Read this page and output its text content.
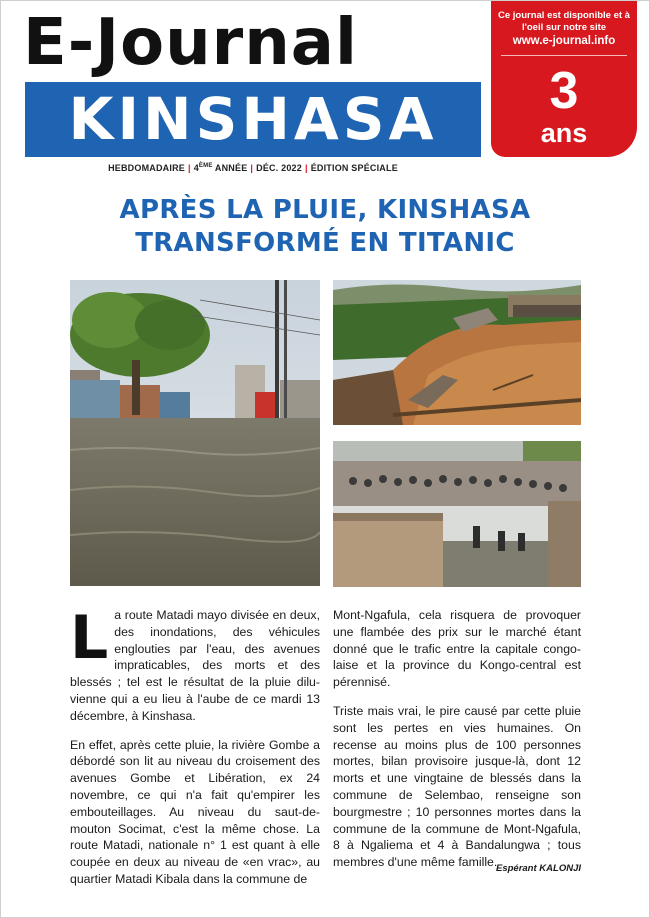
E-Journal
KINSHASA
Ce journal est disponible et à l'oeil sur notre site
www.e-journal.info
3
ans
HEBDOMADAIRE | 4ÈME ANNÉE | DÉC. 2022 | ÉDITION SPÉCIALE
APRÈS LA PLUIE, KINSHASA
TRANSFORMÉ EN TITANIC

La route Matadi mayo divisée en deux, des inondations, des véhicules englouties par l'eau, des avenues impraticables, des morts et des blessés ; tel est le résultat de la pluie dilu-vienne qui a eu lieu à l'aube de ce mardi 13 décembre, à Kinshasa.

En effet, après cette pluie, la rivière Gombe a débordé son lit au niveau du croisement des avenues Gombe et Libération, ex 24 novembre, ce qui n'a fait qu'empirer les embouteillages. Au niveau du saut-de-mouton Socimat, c'est la même chose. La route Matadi, nationale n° 1 est quant à elle coupée en deux au niveau de «en vrac», au quartier Matadi Kibala dans la commune de

Mont-Ngafula, cela risquera de provoquer une flambée des prix sur le marché étant donné que le trafic entre la capitale congo-laise et la province du Kongo-central est pérennisé.

Triste mais vrai, le pire causé par cette pluie sont les pertes en vies humaines. On recense au moins plus de 100 personnes mortes, bilan provisoire jusque-là, dont 12 morts et une vingtaine de blessés dans la commune de Selembao, renseigne son bourgmestre ; 10 personnes mortes dans la commune de la commune de Mont-Ngafula, 8 à Ngaliema et 4 à Bandalungwa ; tous membres d'une même famille.

Espérant KALONJI
